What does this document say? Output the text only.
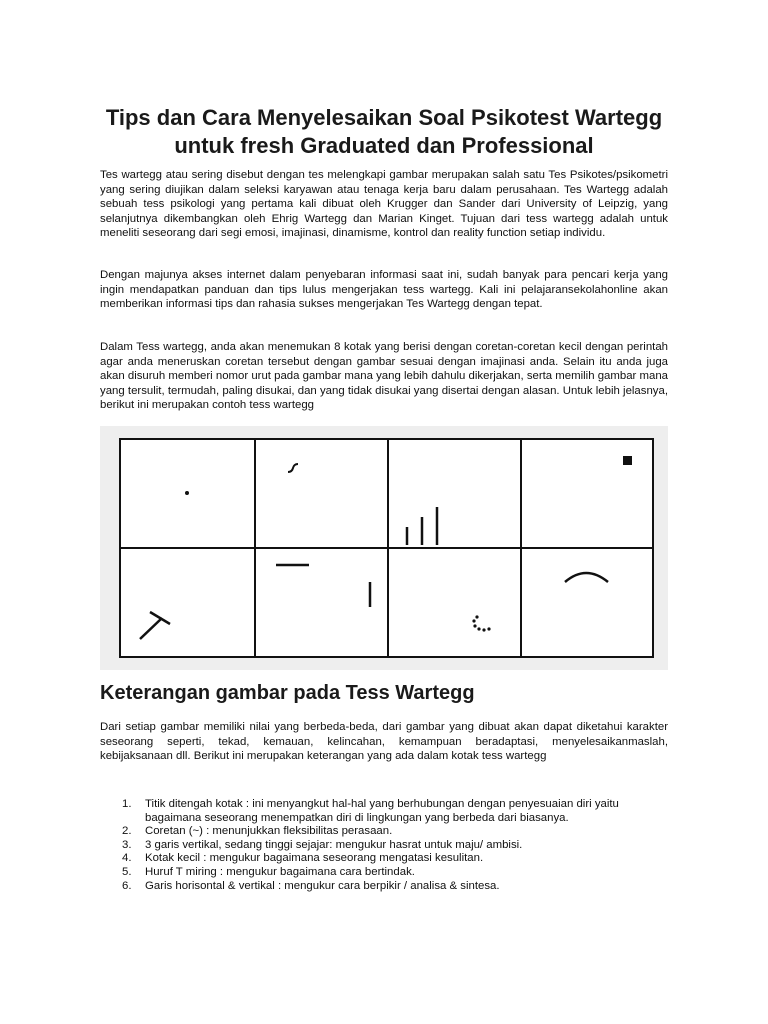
Tips dan Cara Menyelesaikan Soal Psikotest Wartegg untuk fresh Graduated dan Professional

Tes wartegg atau sering disebut dengan tes melengkapi gambar merupakan salah satu Tes Psikotes/psikometri yang sering diujikan dalam seleksi karyawan atau tenaga kerja baru dalam perusahaan. Tes Wartegg adalah sebuah tess psikologi yang pertama kali dibuat oleh Krugger dan Sander dari University of Leipzig, yang selanjutnya dikembangkan oleh Ehrig Wartegg dan Marian Kinget. Tujuan dari tess wartegg adalah untuk meneliti seseorang dari segi emosi, imajinasi, dinamisme, kontrol dan reality function setiap individu.

Dengan majunya akses internet dalam penyebaran informasi saat ini, sudah banyak para pencari kerja yang ingin mendapatkan panduan dan tips lulus mengerjakan tess wartegg. Kali ini pelajaransekolahonline akan memberikan informasi tips dan rahasia sukses mengerjakan Tes Wartegg dengan tepat.

Dalam Tess wartegg, anda akan menemukan 8 kotak yang berisi dengan coretan-coretan kecil dengan perintah agar anda meneruskan coretan tersebut dengan gambar sesuai dengan imajinasi anda. Selain itu anda juga akan disuruh memberi nomor urut pada gambar mana yang lebih dahulu dikerjakan, serta memilih gambar mana yang tersulit, termudah, paling disukai, dan yang tidak disukai yang disertai dengan alasan. Untuk lebih jelasnya, berikut ini merupakan contoh tess wartegg

Keterangan gambar pada Tess Wartegg

Dari setiap gambar memiliki nilai yang berbeda-beda, dari gambar yang dibuat akan dapat diketahui karakter seseorang seperti, tekad, kemauan, kelincahan, kemampuan beradaptasi, menyelesaikanmaslah, kebijaksanaan dll. Berikut ini merupakan keterangan yang ada dalam kotak tess wartegg

1. Titik ditengah kotak : ini menyangkut hal-hal yang berhubungan dengan penyesuaian diri yaitu bagaimana seseorang menempatkan diri di lingkungan yang berbeda dari biasanya.
2. Coretan (~) : menunjukkan fleksibilitas perasaan.
3. 3 garis vertikal, sedang tinggi sejajar: mengukur hasrat untuk maju/ ambisi.
4. Kotak kecil : mengukur bagaimana seseorang mengatasi kesulitan.
5. Huruf T miring : mengukur bagaimana cara bertindak.
6. Garis horisontal & vertikal : mengukur cara berpikir / analisa & sintesa.
